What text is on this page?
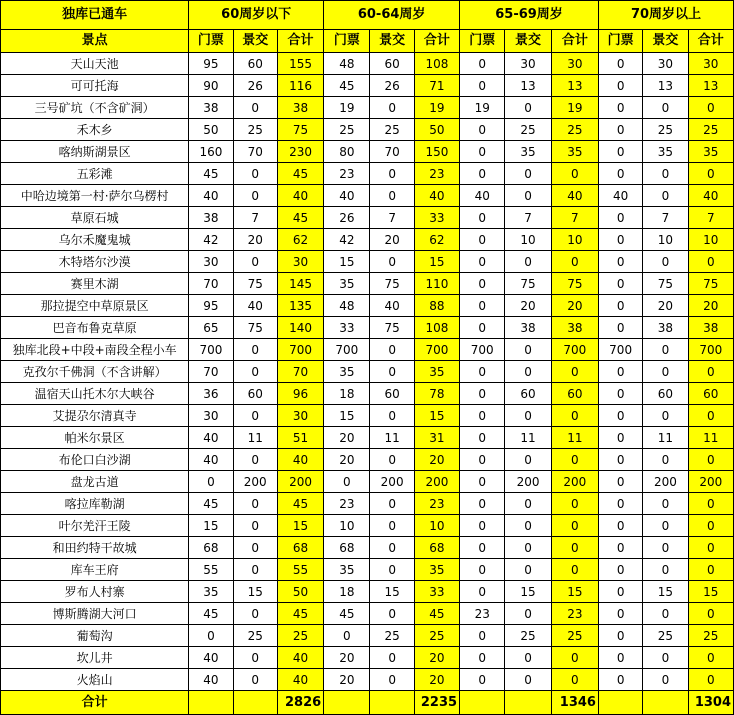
独库已通车	60周岁以下			60-64周岁			65-69周岁			70周岁以上		
景点	门票	景交	合计	门票	景交	合计	门票	景交	合计	门票	景交	合计
天山天池	95	60	155	48	60	108	0	30	30	0	30	30
可可托海	90	26	116	45	26	71	0	13	13	0	13	13
三号矿坑（不含矿洞）	38	0	38	19	0	19	19	0	19	0	0	0
禾木乡	50	25	75	25	25	50	0	25	25	0	25	25
喀纳斯湖景区	160	70	230	80	70	150	0	35	35	0	35	35
五彩滩	45	0	45	23	0	23	0	0	0	0	0	0
中哈边境第一村·萨尔乌楞村	40	0	40	40	0	40	40	0	40	40	0	40
草原石城	38	7	45	26	7	33	0	7	7	0	7	7
乌尔禾魔鬼城	42	20	62	42	20	62	0	10	10	0	10	10
木特塔尔沙漠	30	0	30	15	0	15	0	0	0	0	0	0
赛里木湖	70	75	145	35	75	110	0	75	75	0	75	75
那拉提空中草原景区	95	40	135	48	40	88	0	20	20	0	20	20
巴音布鲁克草原	65	75	140	33	75	108	0	38	38	0	38	38
独库北段+中段+南段全程小车	700	0	700	700	0	700	700	0	700	700	0	700
克孜尔千佛洞（不含讲解）	70	0	70	35	0	35	0	0	0	0	0	0
温宿天山托木尔大峡谷	36	60	96	18	60	78	0	60	60	0	60	60
艾提尕尔清真寺	30	0	30	15	0	15	0	0	0	0	0	0
帕米尔景区	40	11	51	20	11	31	0	11	11	0	11	11
布伦口白沙湖	40	0	40	20	0	20	0	0	0	0	0	0
盘龙古道	0	200	200	0	200	200	0	200	200	0	200	200
喀拉库勒湖	45	0	45	23	0	23	0	0	0	0	0	0
叶尔羌汗王陵	15	0	15	10	0	10	0	0	0	0	0	0
和田约特干故城	68	0	68	68	0	68	0	0	0	0	0	0
库车王府	55	0	55	35	0	35	0	0	0	0	0	0
罗布人村寨	35	15	50	18	15	33	0	15	15	0	15	15
博斯腾湖大河口	45	0	45	45	0	45	23	0	23	0	0	0
葡萄沟	0	25	25	0	25	25	0	25	25	0	25	25
坎儿井	40	0	40	20	0	20	0	0	0	0	0	0
火焰山	40	0	40	20	0	20	0	0	0	0	0	0
合计			2826			2235			1346			1304
